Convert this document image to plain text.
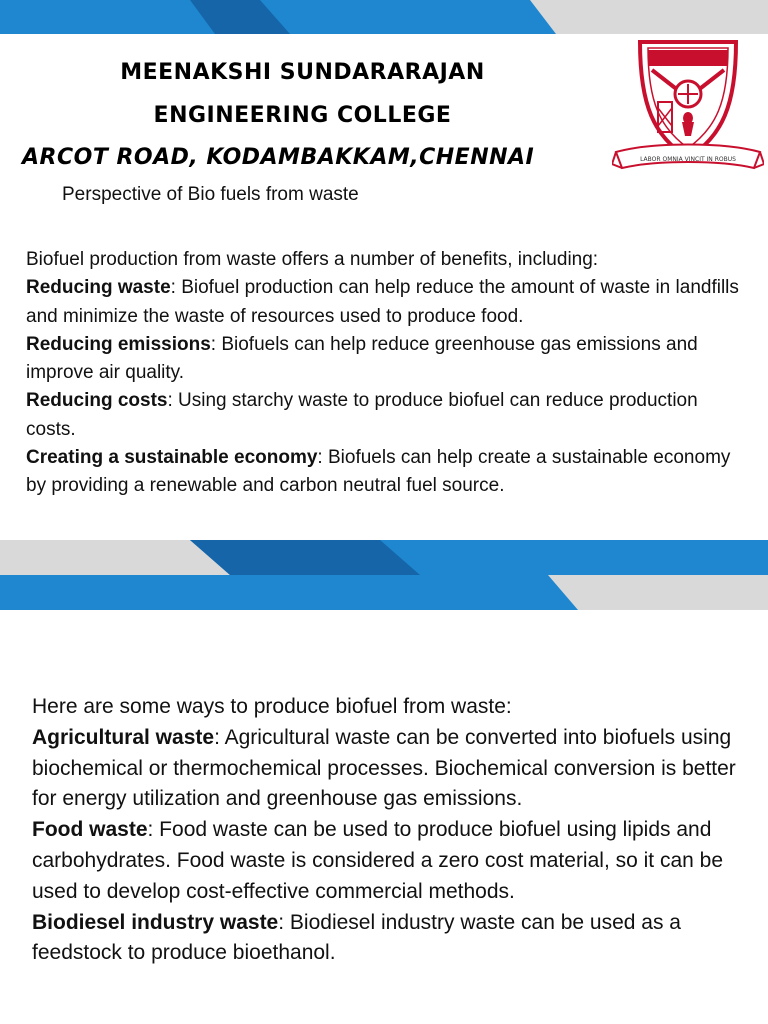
MEENAKSHI SUNDARARAJAN
ENGINEERING COLLEGE
ARCOT ROAD, KODAMBAKKAM,CHENNAI	LABOR OMNIA VINCIT IN ROBUS

Perspective of Bio fuels from waste

Biofuel production from waste offers a number of benefits, including:

Reducing waste: Biofuel production can help reduce the amount of waste in landfills and minimize the waste of resources used to produce food.

Reducing emissions: Biofuels can help reduce greenhouse gas emissions and improve air quality.

Reducing costs: Using starchy waste to produce biofuel can reduce production costs.

Creating a sustainable economy: Biofuels can help create a sustainable economy by providing a renewable and carbon neutral fuel source.

Here are some ways to produce biofuel from waste:

Agricultural waste: Agricultural waste can be converted into biofuels using biochemical or thermochemical processes. Biochemical conversion is better for energy utilization and greenhouse gas emissions.

Food waste: Food waste can be used to produce biofuel using lipids and carbohydrates. Food waste is considered a zero cost material, so it can be used to develop cost-effective commercial methods.

Biodiesel industry waste: Biodiesel industry waste can be used as a feedstock to produce bioethanol.
